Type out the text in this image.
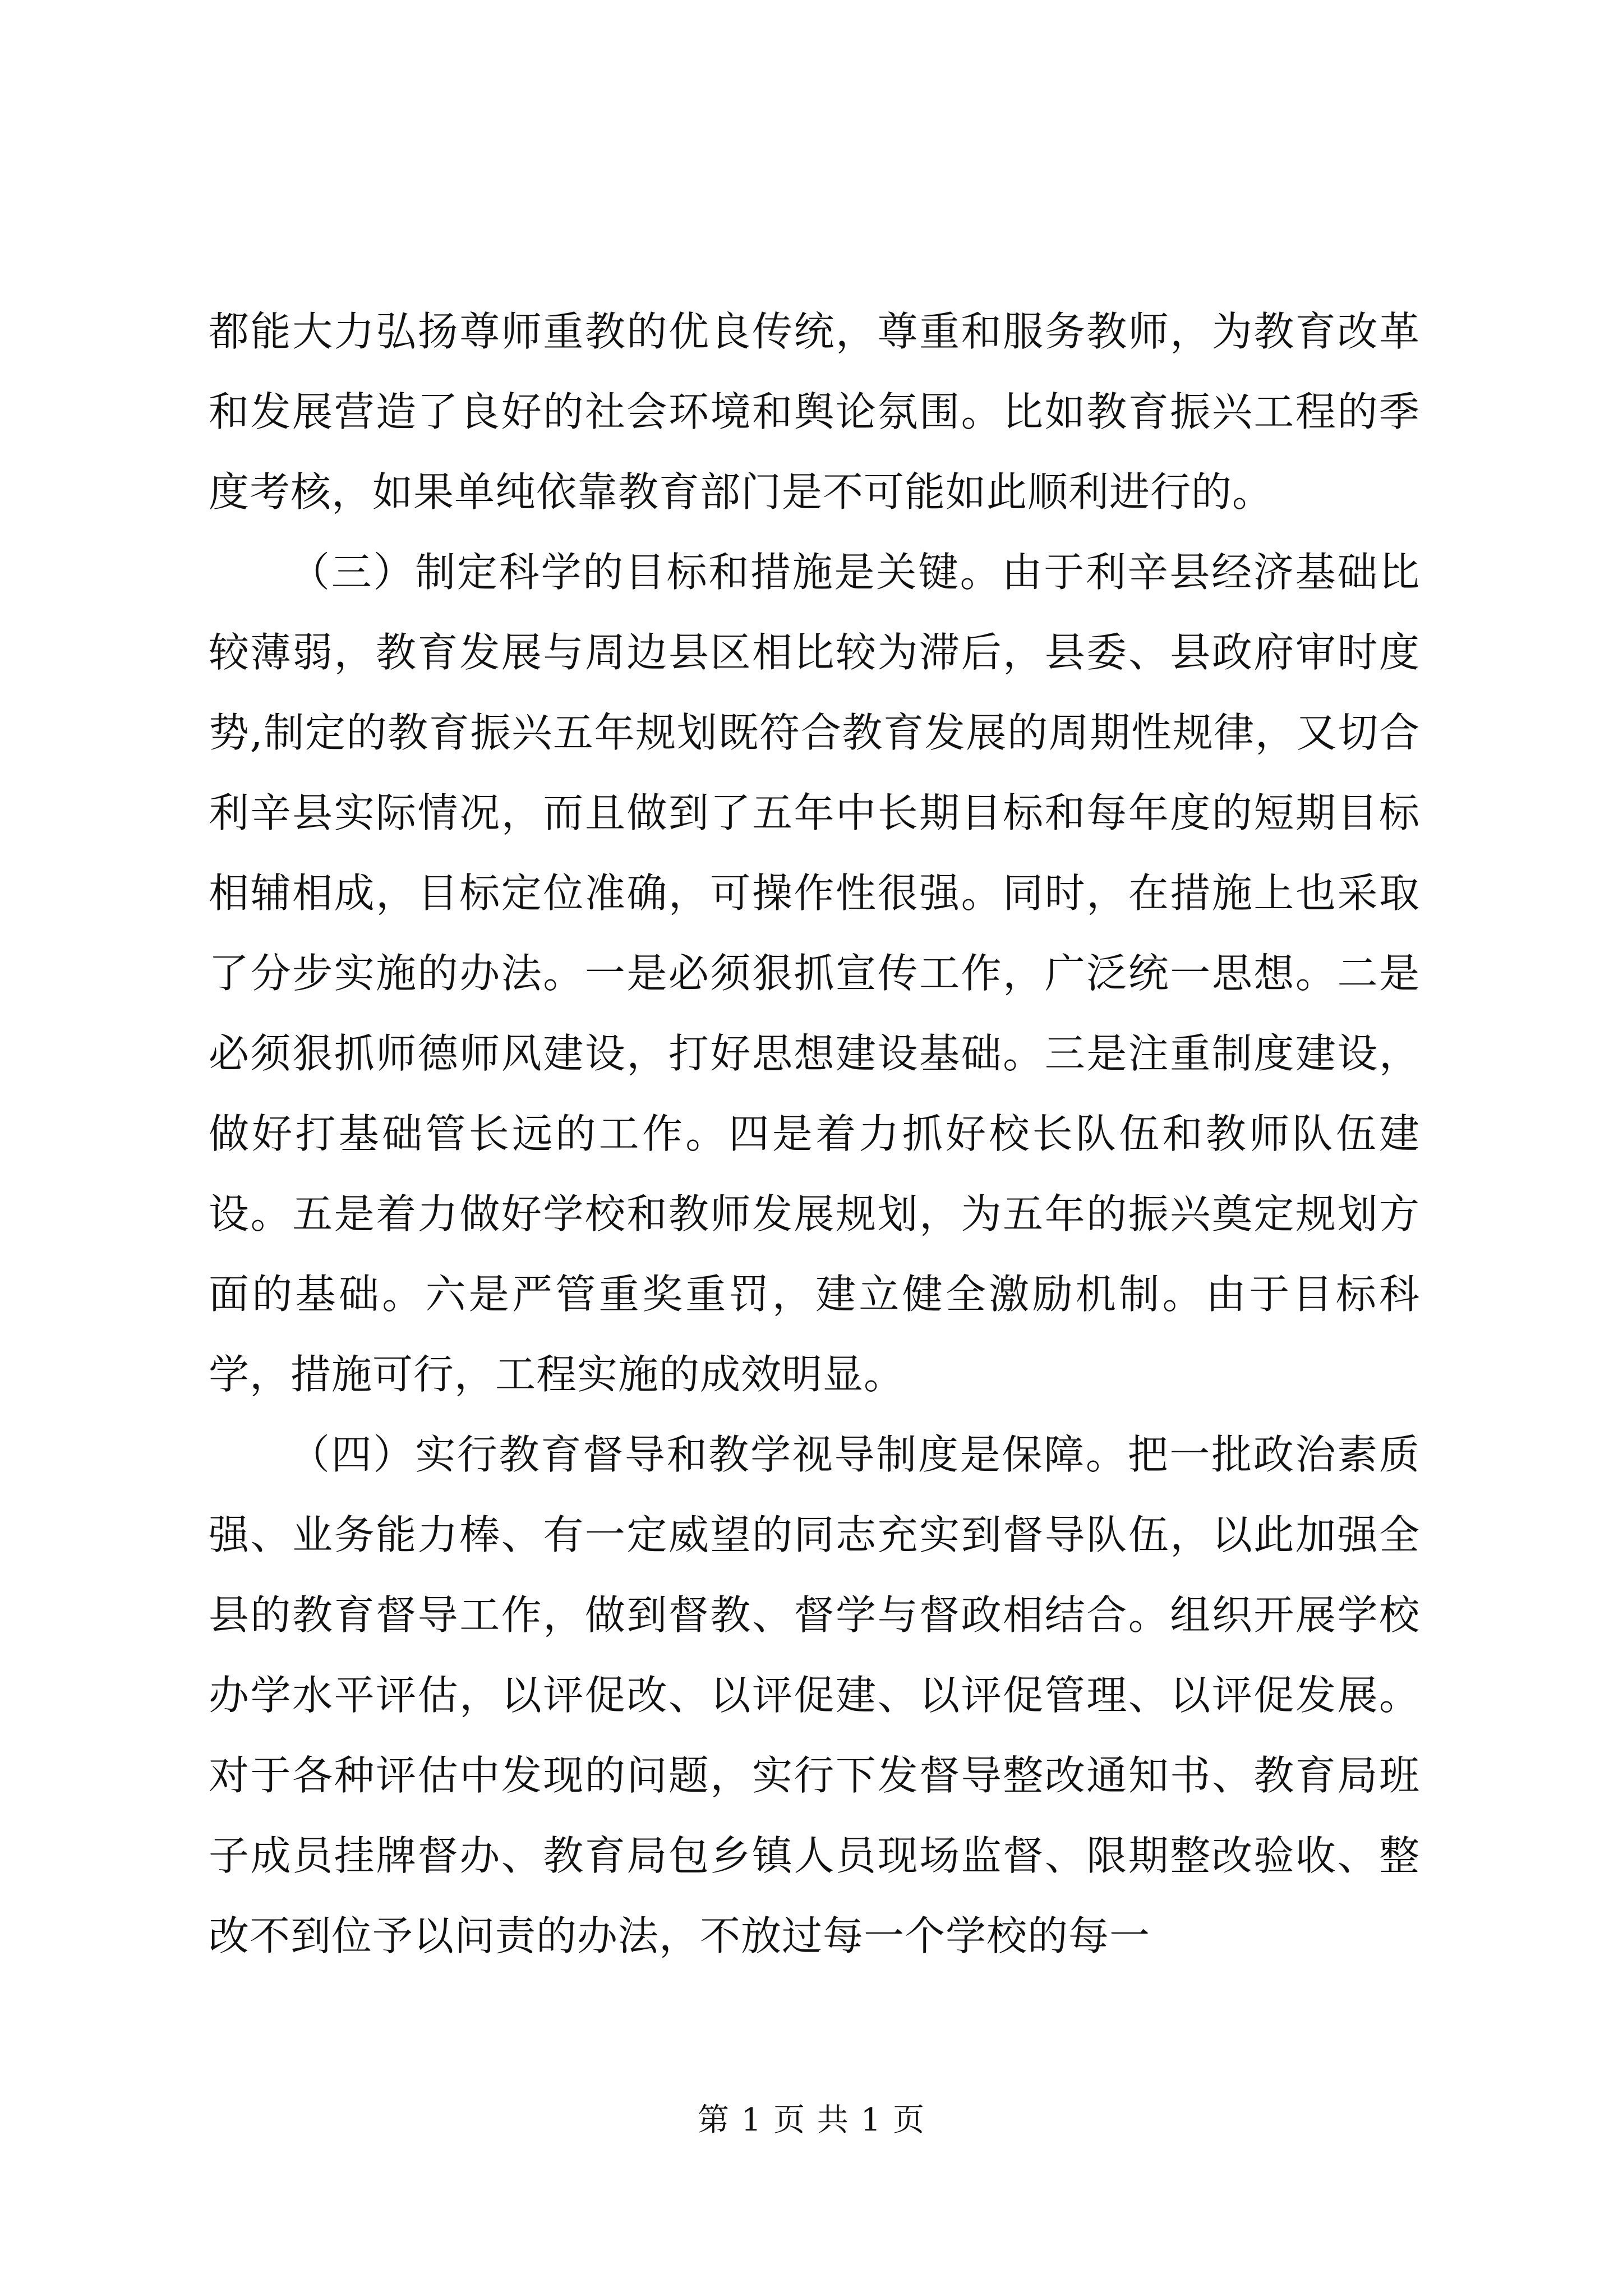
都能大力弘扬尊师重教的优良传统，尊重和服务教师，为教育改革和发展营造了良好的社会环境和舆论氛围。比如教育振兴工程的季度考核，如果单纯依靠教育部门是不可能如此顺利进行的。

（三）制定科学的目标和措施是关键。由于利辛县经济基础比较薄弱，教育发展与周边县区相比较为滞后，县委、县政府审时度势,制定的教育振兴五年规划既符合教育发展的周期性规律，又切合利辛县实际情况，而且做到了五年中长期目标和每年度的短期目标相辅相成，目标定位准确，可操作性很强。同时，在措施上也采取了分步实施的办法。一是必须狠抓宣传工作，广泛统一思想。二是必须狠抓师德师风建设，打好思想建设基础。三是注重制度建设，做好打基础管长远的工作。四是着力抓好校长队伍和教师队伍建设。五是着力做好学校和教师发展规划，为五年的振兴奠定规划方面的基础。六是严管重奖重罚，建立健全激励机制。由于目标科学，措施可行，工程实施的成效明显。

（四）实行教育督导和教学视导制度是保障。把一批政治素质强、业务能力棒、有一定威望的同志充实到督导队伍，以此加强全县的教育督导工作，做到督教、督学与督政相结合。组织开展学校办学水平评估，以评促改、以评促建、以评促管理、以评促发展。对于各种评估中发现的问题，实行下发督导整改通知书、教育局班子成员挂牌督办、教育局包乡镇人员现场监督、限期整改验收、整改不到位予以问责的办法，不放过每一个学校的每一

第 1 页 共 1 页
